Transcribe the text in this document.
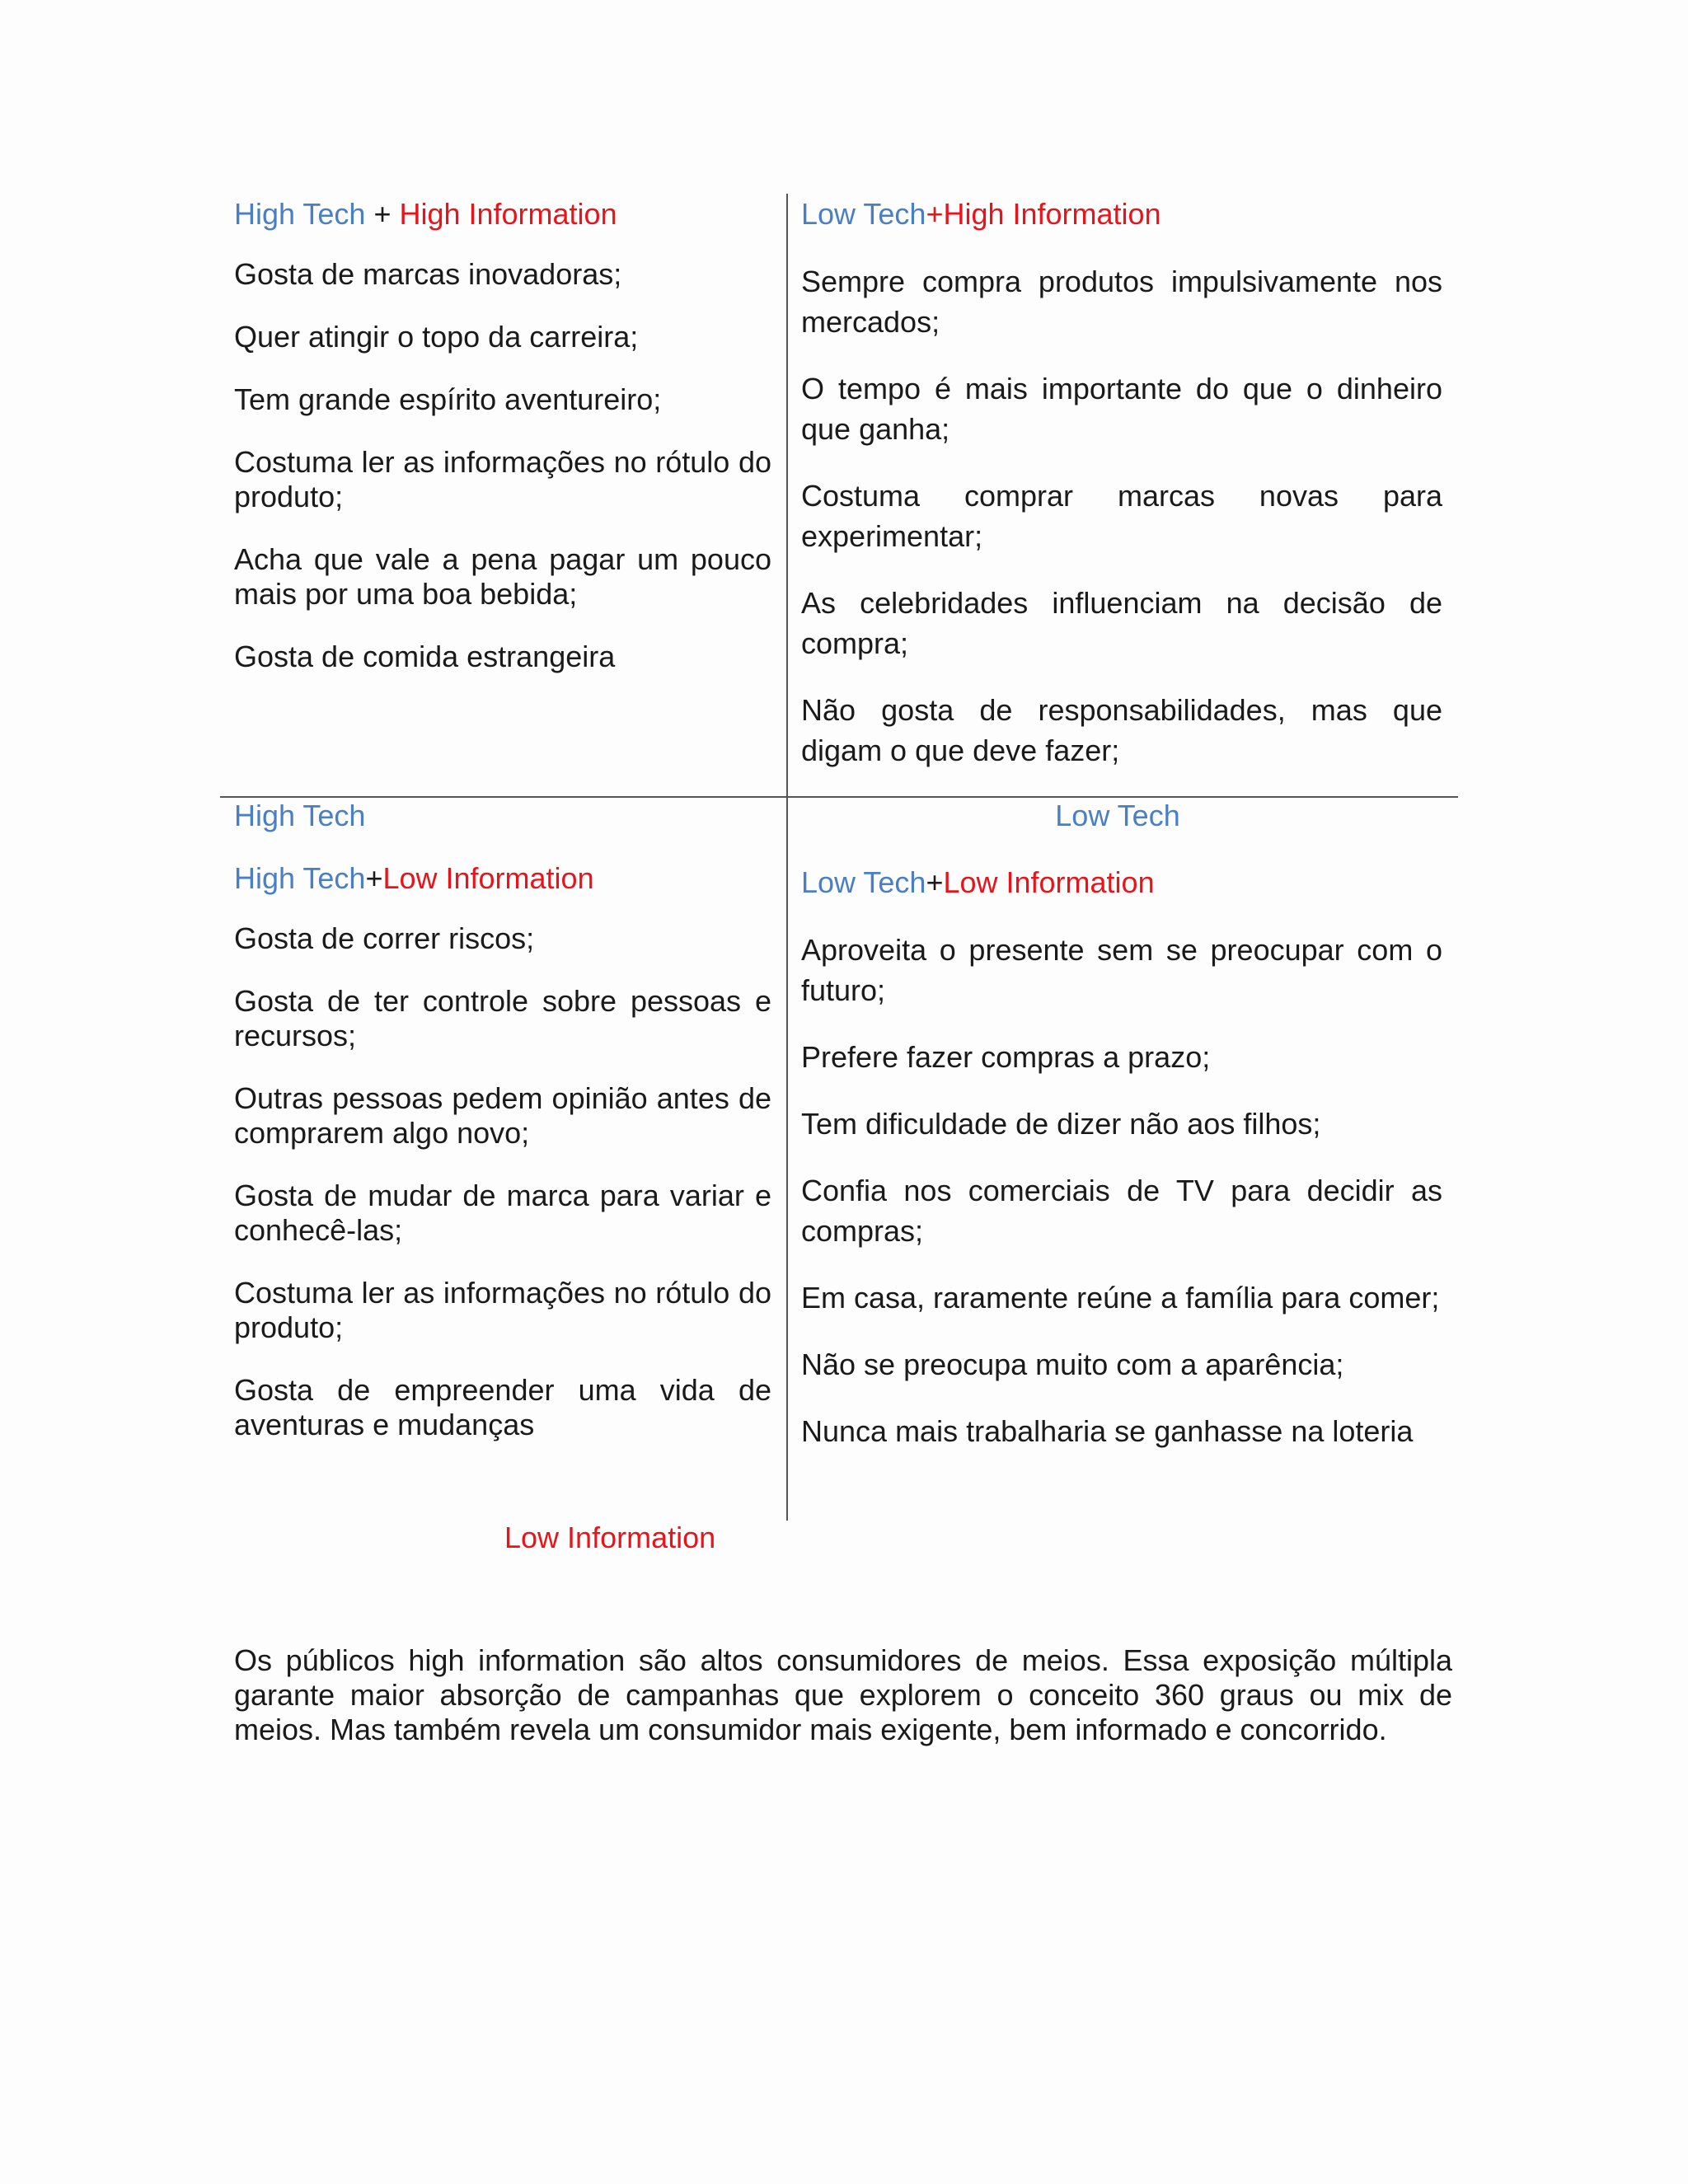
High Tech + High Information

Gosta de marcas inovadoras;

Quer atingir o topo da carreira;

Tem grande espírito aventureiro;

Costuma ler as informações no rótulo do produto;

Acha que vale a pena pagar um pouco mais por uma boa bebida;

Gosta de comida estrangeira

Low Tech+High Information

Sempre compra produtos impulsivamente nos mercados;

O tempo é mais importante do que o dinheiro que ganha;

Costuma comprar marcas novas para experimentar;

As celebridades influenciam na decisão de compra;

Não gosta de responsabilidades, mas que digam o que deve fazer;

High Tech

High Tech+Low Information

Gosta de correr riscos;

Gosta de ter controle sobre pessoas e recursos;

Outras pessoas pedem opinião antes de comprarem algo novo;

Gosta de mudar de marca para variar e conhecê-las;

Costuma ler as informações no rótulo do produto;

Gosta de empreender uma vida de aventuras e mudanças

Low Tech

Low Tech+Low Information

Aproveita o presente sem se preocupar com o futuro;

Prefere fazer compras a prazo;

Tem dificuldade de dizer não aos filhos;

Confia nos comerciais de TV para decidir as compras;

Em casa, raramente reúne a família para comer;

Não se preocupa muito com a aparência;

Nunca mais trabalharia se ganhasse na loteria

Low Information

Os públicos high information são altos consumidores de meios. Essa exposição múltipla garante maior absorção de campanhas que explorem o conceito 360 graus ou mix de meios. Mas também revela um consumidor mais exigente, bem informado e concorrido.
